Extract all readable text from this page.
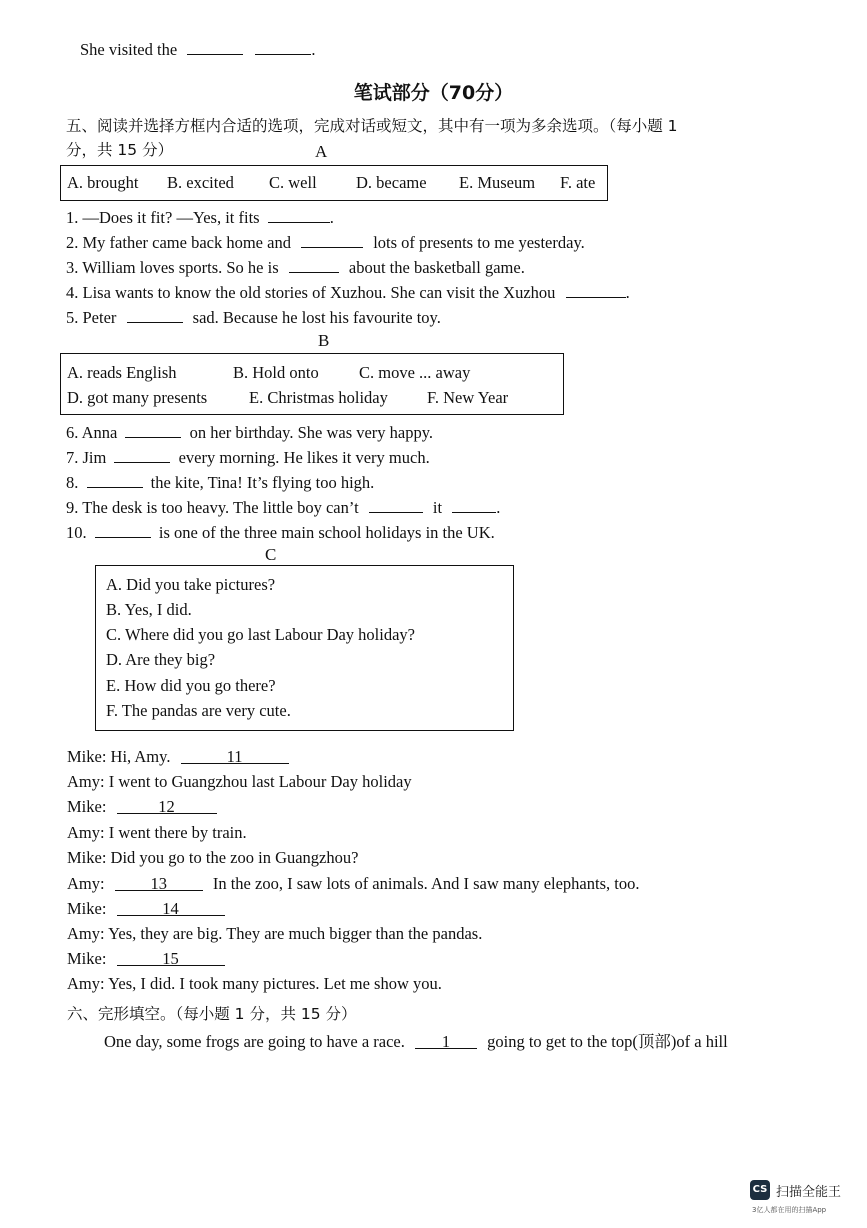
She visited the	.
笔试部分（70分）
五、阅读并选择方框内合适的选项，完成对话或短文，其中有一项为多余选项。（每小题 1
分，共 15 分）	A
A. brought B. excited C. well D. became E. Museum F. ate
1. —Does it fit? —Yes, it fits	.
2. My father came back home and	lots of presents to me yesterday.
3. William loves sports. So he is	about the basketball game.
4. Lisa wants to know the old stories of Xuzhou. She can visit the Xuzhou	.
5. Peter	sad. Because he lost his favourite toy.
B
A. reads English	B. Hold onto C. move ... away
D. got many presents	E. Christmas holiday F. New Year
6. Anna	on her birthday. She was very happy.
7. Jim	every morning. He likes it very much.
8.	the kite, Tina! It’s flying too high.
9. The desk is too heavy. The little boy can’t	it	.
10.	is one of the three main school holidays in the UK.
C
A. Did you take pictures?
B. Yes, I did.
C. Where did you go last Labour Day holiday?
D. Are they big?
E. How did you go there?
F. The pandas are very cute.
Mike: Hi, Amy.	11
Amy: I went to Guangzhou last Labour Day holiday
Mike:	12
Amy: I went there by train.
Mike: Did you go to the zoo in Guangzhou?
Amy:	13	In the zoo, I saw lots of animals. And I saw many elephants, too.
Mike:	14
Amy: Yes, they are big. They are much bigger than the pandas.
Mike:	15
Amy: Yes, I did. I took many pictures. Let me show you.
六、完形填空。（每小题 1 分，共 15 分）
One day, some frogs are going to have a race. 1 going to get to the top(顶部)of a hill
CS 扫描全能王
3亿人都在用的扫描App
